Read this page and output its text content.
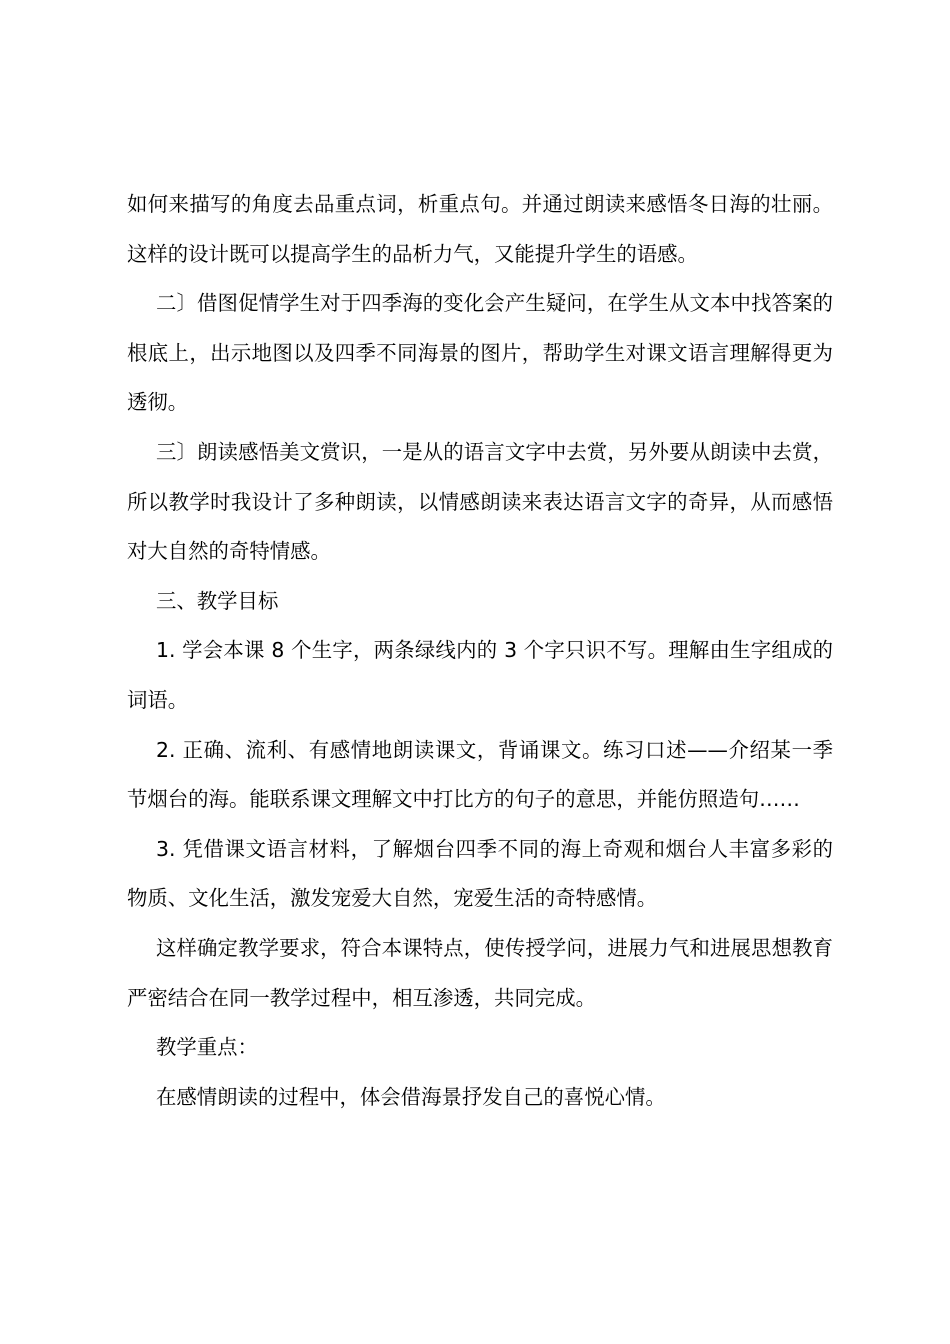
如何来描写的角度去品重点词，析重点句。并通过朗读来感悟冬日海的壮丽。这样的设计既可以提高学生的品析力气，又能提升学生的语感。

二〕借图促情学生对于四季海的变化会产生疑问，在学生从文本中找答案的根底上，出示地图以及四季不同海景的图片，帮助学生对课文语言理解得更为透彻。

三〕朗读感悟美文赏识，一是从的语言文字中去赏，另外要从朗读中去赏，所以教学时我设计了多种朗读，以情感朗读来表达语言文字的奇异，从而感悟对大自然的奇特情感。

三、教学目标

1. 学会本课 8 个生字，两条绿线内的 3 个字只识不写。理解由生字组成的词语。

2. 正确、流利、有感情地朗读课文，背诵课文。练习口述——介绍某一季节烟台的海。能联系课文理解文中打比方的句子的意思，并能仿照造句……

3. 凭借课文语言材料，了解烟台四季不同的海上奇观和烟台人丰富多彩的物质、文化生活，激发宠爱大自然，宠爱生活的奇特感情。

这样确定教学要求，符合本课特点，使传授学问，进展力气和进展思想教育严密结合在同一教学过程中，相互渗透，共同完成。

教学重点：

在感情朗读的过程中，体会借海景抒发自己的喜悦心情。
